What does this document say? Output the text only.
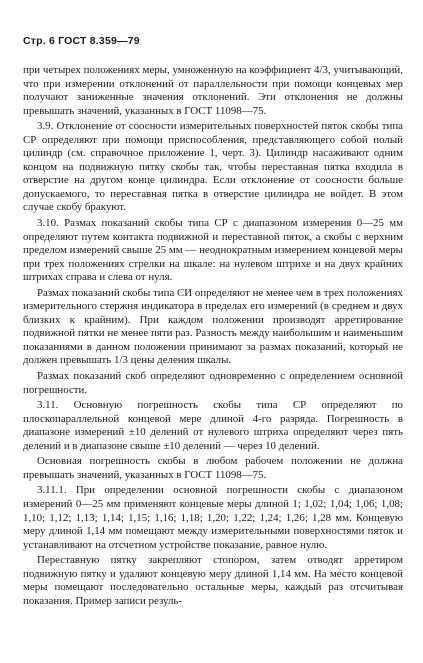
Стр. 6 ГОСТ 8.359—79

при четырех положениях меры, умноженную на коэффициент 4/3, учитывающий, что при измерении отклонений от параллельности при помощи концевых мер получают заниженные значения отклонений. Эти отклонения не должны превышать значений, указанных в ГОСТ 11098—75.

3.9. Отклонение от соосности измерительных поверхностей пяток скобы типа СР определяют при помощи приспособления, представляющего собой полый цилиндр (см. справочное приложение 1, черт. 3). Цилиндр насаживают одним концом на подвижную пятку скобы так, чтобы переставная пятка входила в отверстие на другом конце цилиндра. Если отклонение от соосности больше допускаемого, то переставная пятка в отверстие цилиндра не войдет. В этом случае скобу бракуют.

3.10. Размах показаний скобы типа СР с диапазоном измерения 0—25 мм определяют путем контакта подвижной и переставной пяток, а скобы с верхним пределом измерений свыше 25 мм — неоднократным измерением концевой меры при трех положениях стрелки на шкале: на нулевом штрихе и на двух крайних штрихах справа и слева от нуля.

Размах показаний скобы типа СИ определяют не менее чем в трех положениях измерительного стержня индикатора в пределах его измерений (в среднем и двух близких к крайним). При каждом положении производят арретирование подвижной пятки не менее пяти раз. Разность между наибольшим и наименьшим показаниями в данном положении принимают за размах показаний, который не должен превышать 1/3 цены деления шкалы.

Размах показаний скоб определяют одновременно с определением основной погрешности.

3.11. Основную погрешность скобы типа СР определяют по плоскопараллельной концевой мере длиной 4-го разряда. Погрешность в диапазоне измерений ±10 делений от нулевого штриха определяют через пять делений и в диапазоне свыше ±10 делений — через 10 делений.

Основная погрешность скобы в любом рабочем положении не должна превышать значений, указанных в ГОСТ 11098—75.

3.11.1. При определении основной погрешности скобы с диапазоном измерений 0—25 мм применяют концевые меры длиной 1; 1,02; 1,04; 1,06; 1,08; 1,10; 1,12; 1,13; 1,14; 1,15; 1,16; 1,18; 1,20; 1,22; 1,24; 1,26; 1,28 мм. Концевую меру длиной 1,14 мм помещают между измерительными поверхностями пяток и устанавливают на отсчетном устройстве показание, равное нулю.

Переставную пятку закрепляют стопором, затем отводят арретиром подвижную пятку и удаляют концевую меру длиной 1,14 мм. На место концевой меры помещают последовательно остальные меры, каждый раз отсчитывая показания. Пример записи резуль-
